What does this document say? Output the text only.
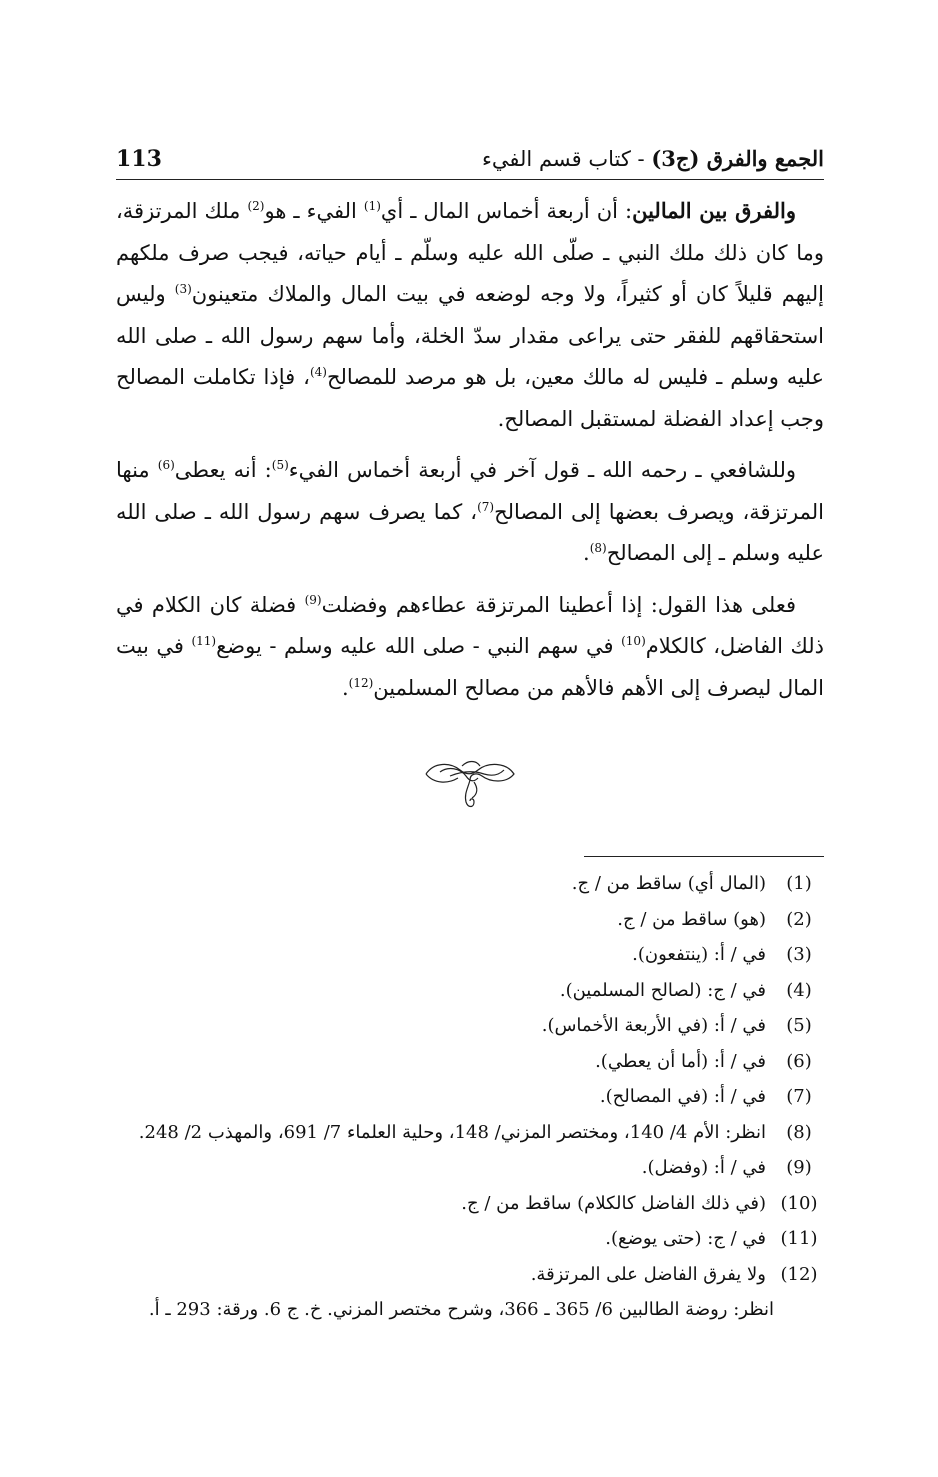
113	الجمع والفرق (ج3) - كتاب قسم الفيء

والفرق بين المالين: أن أربعة أخماس المال ـ أي$^{(1)}$ الفيء ـ هو$^{(2)}$ ملك المرتزقة، وما كان ذلك ملك النبي ـ صلّى الله عليه وسلّم ـ أيام حياته، فيجب صرف ملكهم إليهم قليلاً كان أو كثيراً، ولا وجه لوضعه في بيت المال والملاك متعينون$^{(3)}$ وليس استحقاقهم للفقر حتى يراعى مقدار سدّ الخلة، وأما سهم رسول الله ـ صلى الله عليه وسلم ـ فليس له مالك معين، بل هو مرصد للمصالح$^{(4)}$، فإذا تكاملت المصالح وجب إعداد الفضلة لمستقبل المصالح.

وللشافعي ـ رحمه الله ـ قول آخر في أربعة أخماس الفيء$^{(5)}$: أنه يعطى$^{(6)}$ منها المرتزقة، ويصرف بعضها إلى المصالح$^{(7)}$، كما يصرف سهم رسول الله ـ صلى الله عليه وسلم ـ إلى المصالح$^{(8)}$.

فعلى هذا القول: إذا أعطينا المرتزقة عطاءهم وفضلت$^{(9)}$ فضلة كان الكلام في ذلك الفاضل، كالكلام$^{(10)}$ في سهم النبي - صلى الله عليه وسلم - يوضع$^{(11)}$ في بيت المال ليصرف إلى الأهم فالأهم من مصالح المسلمين$^{(12)}$.

(1)
(المال أي) ساقط من / ج.
(2)
(هو) ساقط من / ج.
(3)
في / أ: (ينتفعون).
(4)
في / ج: (لصالح المسلمين).
(5)
في / أ: (في الأربعة الأخماس).
(6)
في / أ: (أما أن يعطي).
(7)
في / أ: (في المصالح).
(8)
انظر: الأم 4/ 140، ومختصر المزني/ 148، وحلية العلماء 7/ 691، والمهذب 2/ 248.
(9)
في / أ: (وفضل).
(10)
(في ذلك الفاضل كالكلام) ساقط من / ج.
(11)
في / ج: (حتى يوضع).
(12)
ولا يفرق الفاضل على المرتزقة.
انظر: روضة الطالبين 6/ 365 ـ 366، وشرح مختصر المزني. خ. ج 6. ورقة: 293 ـ أ.
